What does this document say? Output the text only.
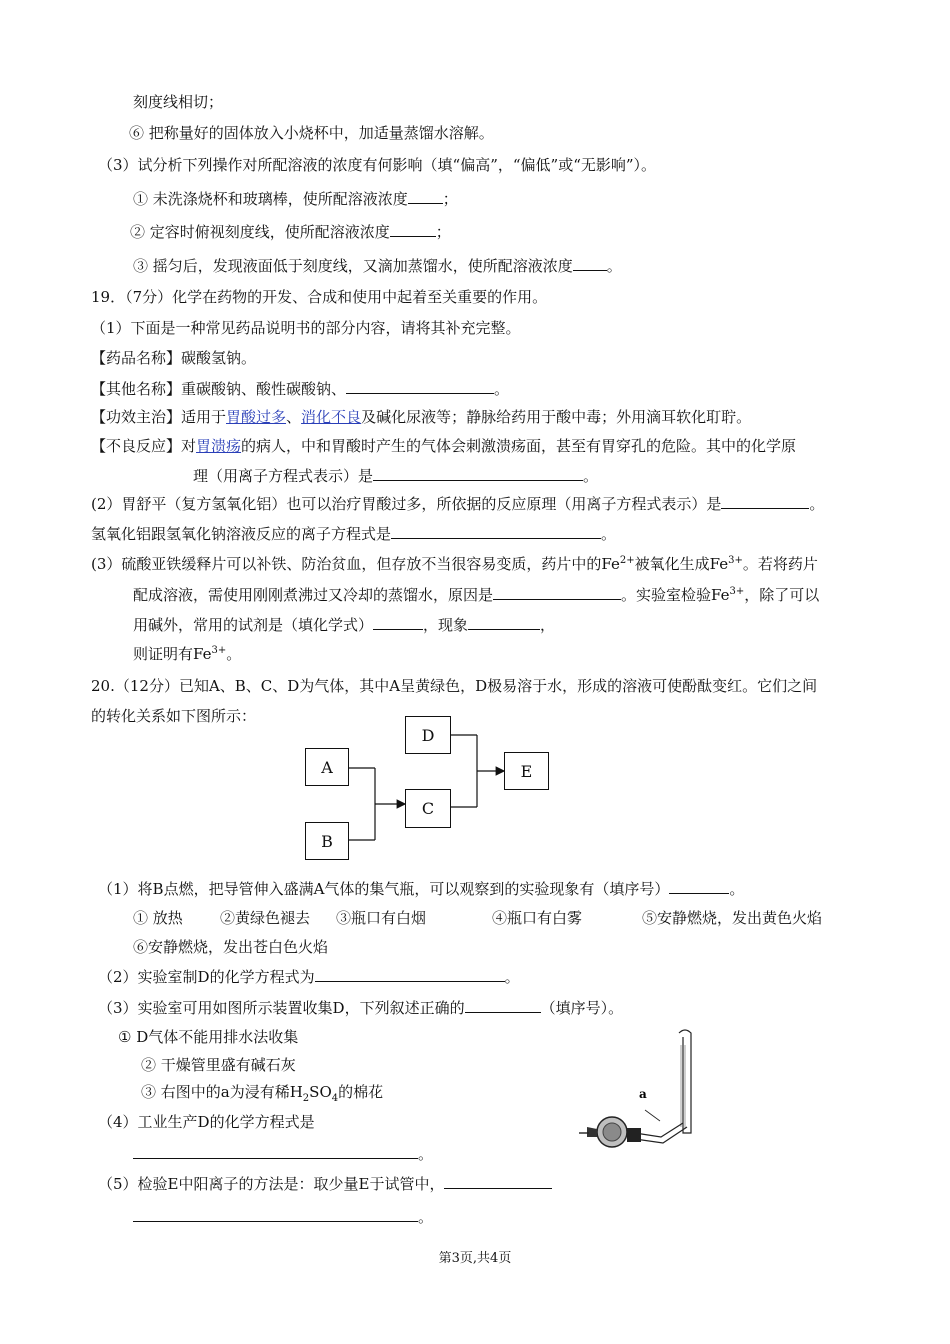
刻度线相切；
⑥ 把称量好的固体放入小烧杯中，加适量蒸馏水溶解。
（3）试分析下列操作对所配溶液的浓度有何影响（填“偏高”，“偏低”或“无影响”）。
① 未洗涤烧杯和玻璃棒，使所配溶液浓度 ；
② 定容时俯视刻度线，使所配溶液浓度	；
③ 摇匀后，发现液面低于刻度线，又滴加蒸馏水，使所配溶液浓度 。
19．（7分）化学在药物的开发、合成和使用中起着至关重要的作用。
（1）下面是一种常见药品说明书的部分内容，请将其补充完整。
【药品名称】碳酸氢钠。
【其他名称】重碳酸钠、酸性碳酸钠、	。
【功效主治】适用于胃酸过多、消化不良及碱化尿液等；静脉给药用于酸中毒；外用滴耳软化耵聍。
【不良反应】对胃溃疡的病人，中和胃酸时产生的气体会刺激溃疡面，甚至有胃穿孔的危险。其中的化学原
理（用离子方程式表示）是	。
(2）胃舒平（复方氢氧化铝）也可以治疗胃酸过多，所依据的反应原理（用离子方程式表示）是	。
氢氧化铝跟氢氧化钠溶液反应的离子方程式是	。
(3）硫酸亚铁缓释片可以补铁、防治贫血，但存放不当很容易变质，药片中的$Fe^{2+}$被氧化生成$Fe^{3+}$。若将药片
配成溶液，需使用刚刚煮沸过又冷却的蒸馏水，原因是	。实验室检验$Fe^{3+}$，除了可以
用碱外，常用的试剂是（填化学式）	，现象	，
则证明有$Fe^{3+}$。
20.（12分）已知A、B、C、D为气体，其中A呈黄绿色，D极易溶于水，形成的溶液可使酚酞变红。它们之间
的转化关系如下图所示：
D
A	E
C
B
（1）将B点燃，把导管伸入盛满A气体的集气瓶，可以观察到的实验现象有（填序号）	。
① 放热 ②黄绿色褪去 ③瓶口有白烟	④瓶口有白雾	⑤安静燃烧，发出黄色火焰
⑥安静燃烧，发出苍白色火焰
（2）实验室制D的化学方程式为	。
（3）实验室可用如图所示装置收集D，下列叙述正确的	（填序号）。
① D气体不能用排水法收集
② 干燥管里盛有碱石灰
③ 右图中的a为浸有稀$H_2SO_4$的棉花
（4）工业生产D的化学方程式是
。
（5）检验E中阳离子的方法是：取少量E于试管中，
。
a
第3页,共4页
